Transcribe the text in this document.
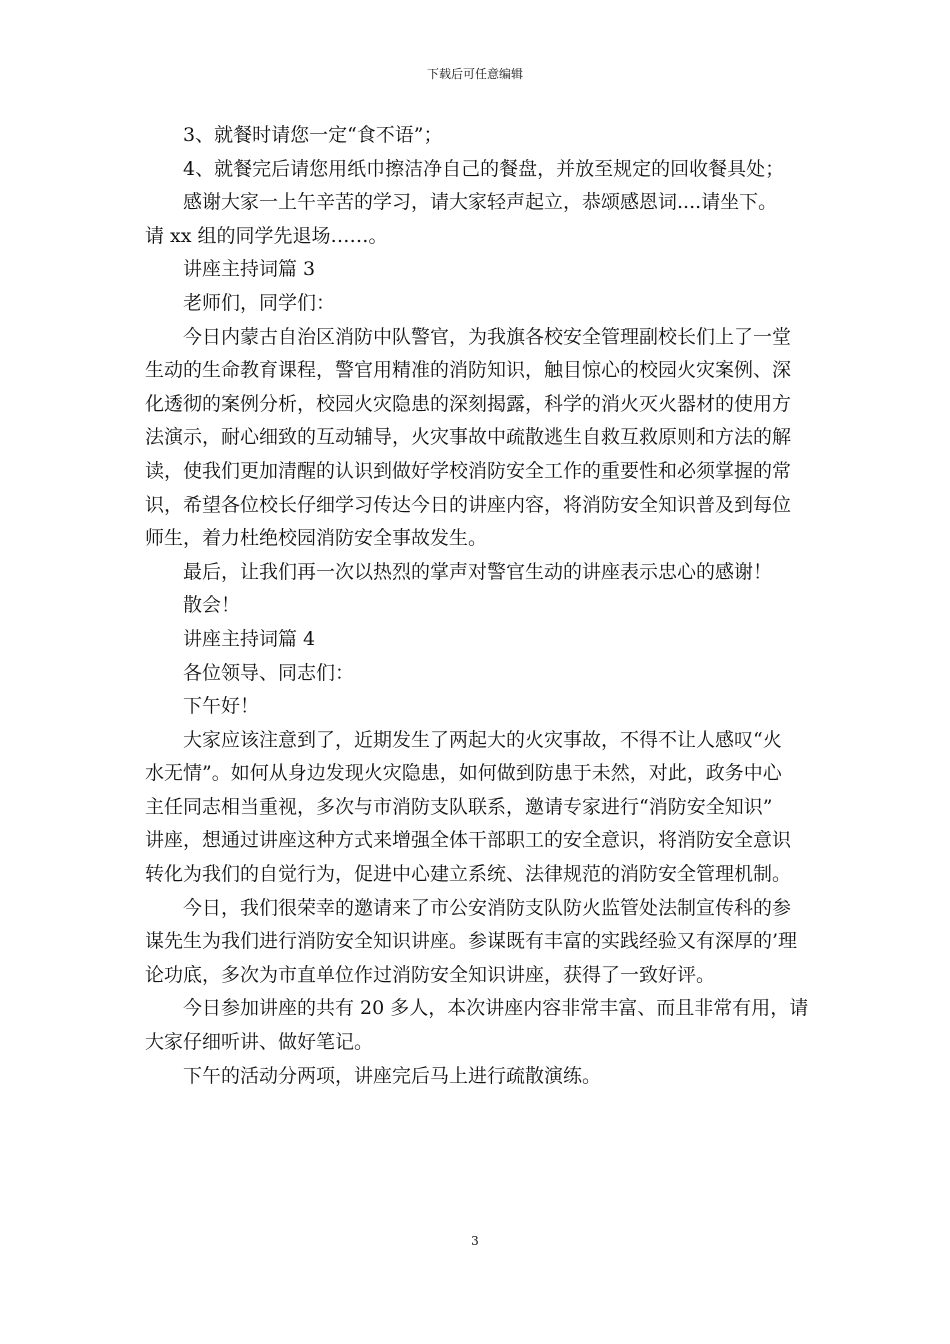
下载后可任意编辑

3、就餐时请您一定“食不语”；

4、就餐完后请您用纸巾擦洁净自己的餐盘，并放至规定的回收餐具处；

感谢大家一上午辛苦的学习，请大家轻声起立，恭颂感恩词....请坐下。

请 xx 组的同学先退场……。

讲座主持词篇 3

老师们，同学们：

今日内蒙古自治区消防中队警官，为我旗各校安全管理副校长们上了一堂

生动的生命教育课程，警官用精准的消防知识，触目惊心的校园火灾案例、深

化透彻的案例分析，校园火灾隐患的深刻揭露，科学的消火灭火器材的使用方

法演示，耐心细致的互动辅导，火灾事故中疏散逃生自救互救原则和方法的解

读，使我们更加清醒的认识到做好学校消防安全工作的重要性和必须掌握的常

识，希望各位校长仔细学习传达今日的讲座内容，将消防安全知识普及到每位

师生，着力杜绝校园消防安全事故发生。

最后，让我们再一次以热烈的掌声对警官生动的讲座表示忠心的感谢！

散会！

讲座主持词篇 4

各位领导、同志们：

下午好！

大家应该注意到了，近期发生了两起大的火灾事故，不得不让人感叹“火

水无情”。如何从身边发现火灾隐患，如何做到防患于未然，对此，政务中心

主任同志相当重视，多次与市消防支队联系，邀请专家进行“消防安全知识”

讲座，想通过讲座这种方式来增强全体干部职工的安全意识，将消防安全意识

转化为我们的自觉行为，促进中心建立系统、法律规范的消防安全管理机制。

今日，我们很荣幸的邀请来了市公安消防支队防火监管处法制宣传科的参

谋先生为我们进行消防安全知识讲座。参谋既有丰富的实践经验又有深厚的’理

论功底，多次为市直单位作过消防安全知识讲座，获得了一致好评。

今日参加讲座的共有 20 多人，本次讲座内容非常丰富、而且非常有用，请

大家仔细听讲、做好笔记。

下午的活动分两项，讲座完后马上进行疏散演练。

3
